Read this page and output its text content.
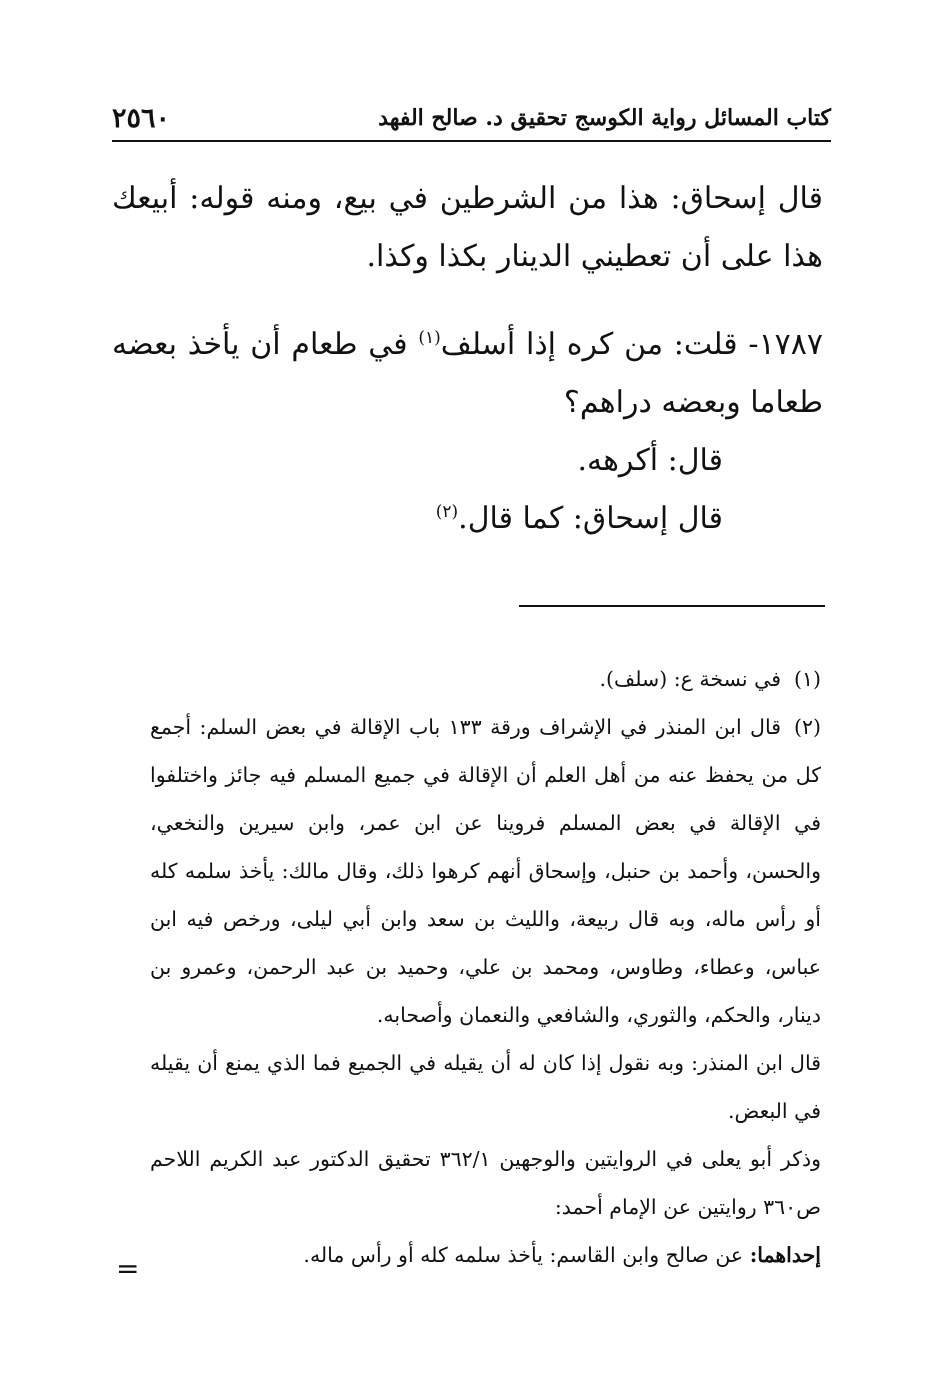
كتاب المسائل رواية الكوسج تحقيق د. صالح الفهد
٢٥٦٠

قال إسحاق: هذا من الشرطين في بيع، ومنه قوله: أبيعك هذا على أن تعطيني الدينار بكذا وكذا.

١٧٨٧- قلت: من كره إذا أسلف$^{(١)}$ في طعام أن يأخذ بعضه طعاما وبعضه دراهم؟

قال: أكرهه.

قال إسحاق: كما قال.$^{(٢)}$

(١)في نسخة ع: (سلف).

(٢)قال ابن المنذر في الإشراف ورقة ١٣٣ باب الإقالة في بعض السلم: أجمع كل من يحفظ عنه من أهل العلم أن الإقالة في جميع المسلم فيه جائز واختلفوا في الإقالة في بعض المسلم فروينا عن ابن عمر، وابن سيرين والنخعي، والحسن، وأحمد بن حنبل، وإسحاق أنهم كرهوا ذلك، وقال مالك: يأخذ سلمه كله أو رأس ماله، وبه قال ربيعة، والليث بن سعد وابن أبي ليلى، ورخص فيه ابن عباس، وعطاء، وطاوس، ومحمد بن علي، وحميد بن عبد الرحمن، وعمرو بن دينار، والحكم، والثوري، والشافعي والنعمان وأصحابه.

قال ابن المنذر: وبه نقول إذا كان له أن يقيله في الجميع فما الذي يمنع أن يقيله في البعض.

وذكر أبو يعلى في الروايتين والوجهين ٣٦٢/١ تحقيق الدكتور عبد الكريم اللاحم ص٣٦٠ روايتين عن الإمام أحمد:

إحداهما: عن صالح وابن القاسم: يأخذ سلمه كله أو رأس ماله.

=
